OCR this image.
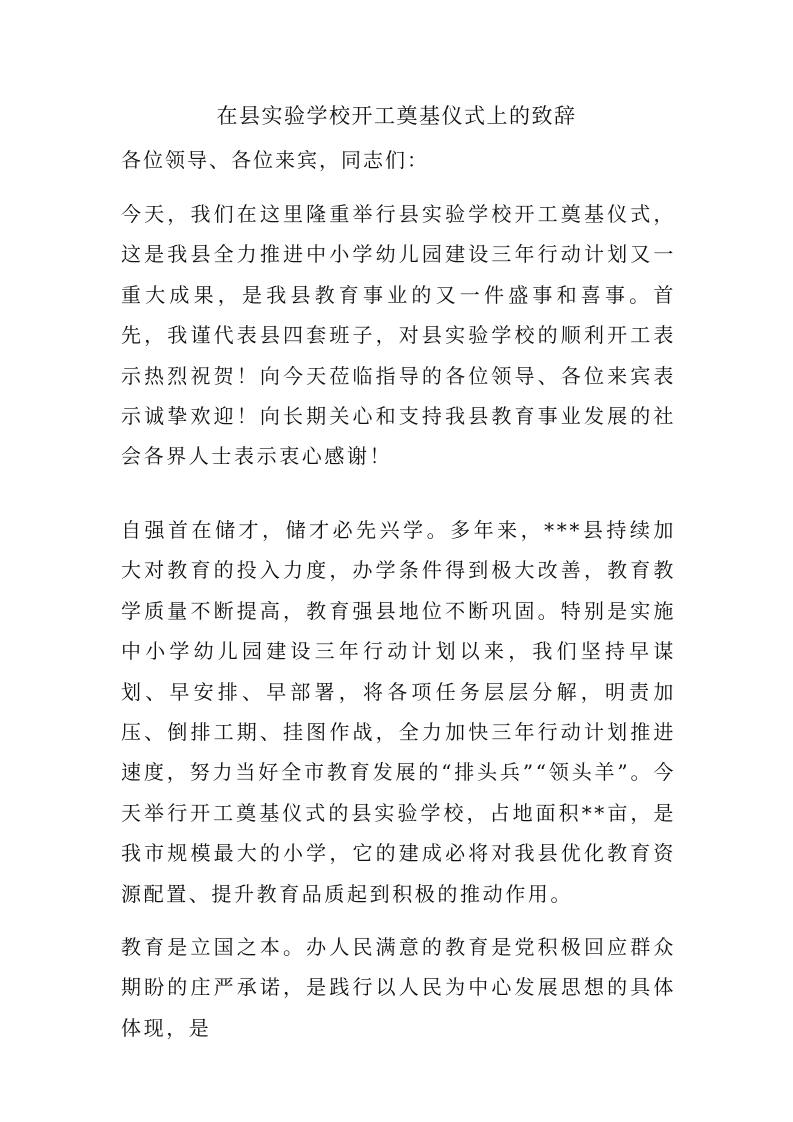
在县实验学校开工奠基仪式上的致辞

各位领导、各位来宾，同志们：

今天，我们在这里隆重举行县实验学校开工奠基仪式，这是我县全力推进中小学幼儿园建设三年行动计划又一重大成果，是我县教育事业的又一件盛事和喜事。首先，我谨代表县四套班子，对县实验学校的顺利开工表示热烈祝贺！向今天莅临指导的各位领导、各位来宾表示诚挚欢迎！向长期关心和支持我县教育事业发展的社会各界人士表示衷心感谢！

自强首在储才，储才必先兴学。多年来，***县持续加大对教育的投入力度，办学条件得到极大改善，教育教学质量不断提高，教育强县地位不断巩固。特别是实施中小学幼儿园建设三年行动计划以来，我们坚持早谋划、早安排、早部署，将各项任务层层分解，明责加压、倒排工期、挂图作战，全力加快三年行动计划推进速度，努力当好全市教育发展的“排头兵”“领头羊”。今天举行开工奠基仪式的县实验学校，占地面积**亩，是我市规模最大的小学，它的建成必将对我县优化教育资源配置、提升教育品质起到积极的推动作用。

教育是立国之本。办人民满意的教育是党积极回应群众期盼的庄严承诺，是践行以人民为中心发展思想的具体体现，是
